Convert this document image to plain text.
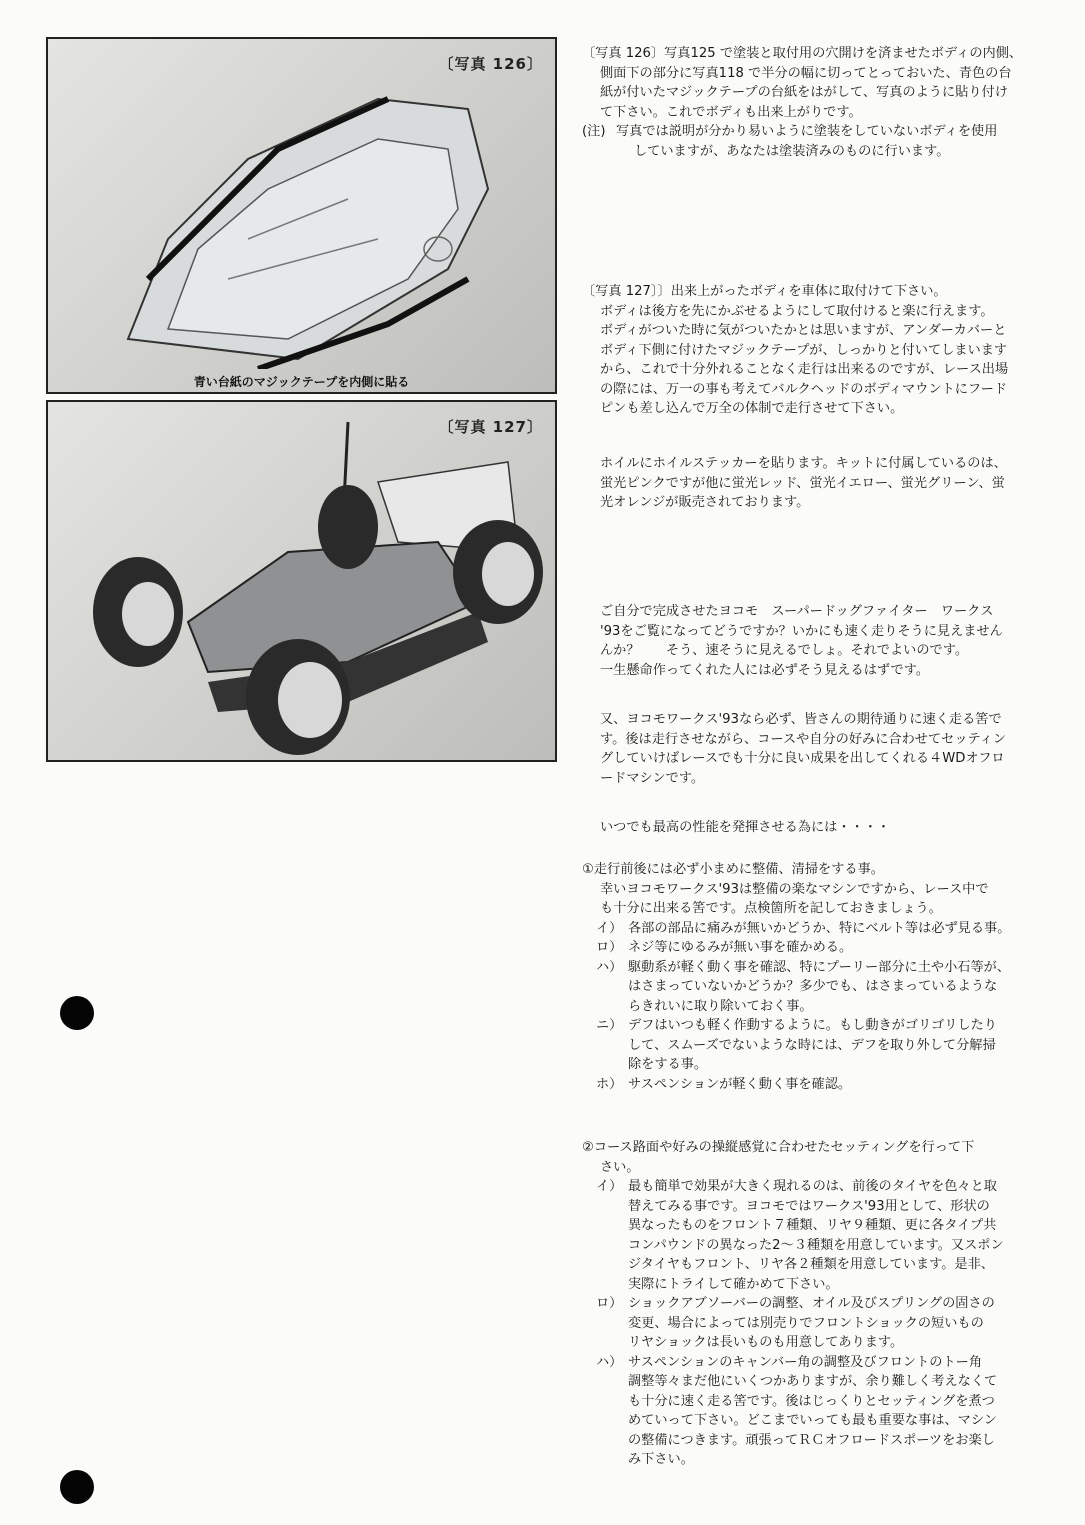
〔写真 126〕
青い台紙のマジックテープを内側に貼る
〔写真 127〕

〔写真 126〕写真125 で塗装と取付用の穴開けを済ませたボディの内側、

側面下の部分に写真118 で半分の幅に切ってとっておいた、青色の台

紙が付いたマジックテープの台紙をはがして、写真のように貼り付け

て下さい。これでボディも出来上がりです。

(注) 写真では説明が分かり易いように塗装をしていないボディを使用

していますが、あなたは塗装済みのものに行います。

〔写真 127〕〕出来上がったボディを車体に取付けて下さい。

ボディは後方を先にかぶせるようにして取付けると楽に行えます。

ボディがついた時に気がついたかとは思いますが、アンダーカバーと

ボディ下側に付けたマジックテープが、しっかりと付いてしまいます

から、これで十分外れることなく走行は出来るのですが、レース出場

の際には、万一の事も考えてバルクヘッドのボディマウントにフード

ピンも差し込んで万全の体制で走行させて下さい。

ホイルにホイルステッカーを貼ります。キットに付属しているのは、

蛍光ピンクですが他に蛍光レッド、蛍光イエロー、蛍光グリーン、蛍

光オレンジが販売されております。

ご自分で完成させたヨコモ　スーパードッグファイター　ワークス

'93をご覧になってどうですか？いかにも速く走りそうに見えません

んか？　　そう、速そうに見えるでしょ。それでよいのです。

一生懸命作ってくれた人には必ずそう見えるはずです。

又、ヨコモワークス'93なら必ず、皆さんの期待通りに速く走る筈で

す。後は走行させながら、コースや自分の好みに合わせてセッティン

グしていけばレースでも十分に良い成果を出してくれる４WDオフロ

ードマシンです。

いつでも最高の性能を発揮させる為には・・・・

①走行前後には必ず小まめに整備、清掃をする事。

幸いヨコモワークス'93は整備の楽なマシンですから、レース中で

も十分に出来る筈です。点検箇所を記しておきましょう。

イ） 各部の部品に痛みが無いかどうか、特にベルト等は必ず見る事。

ロ） ネジ等にゆるみが無い事を確かめる。

ハ） 駆動系が軽く動く事を確認、特にプーリー部分に土や小石等が、

はさまっていないかどうか？多少でも、はさまっているような

らきれいに取り除いておく事。

ニ） デフはいつも軽く作動するように。もし動きがゴリゴリしたり

して、スムーズでないような時には、デフを取り外して分解掃

除をする事。

ホ） サスペンションが軽く動く事を確認。

②コース路面や好みの操縦感覚に合わせたセッティングを行って下

さい。

イ） 最も簡単で効果が大きく現れるのは、前後のタイヤを色々と取

替えてみる事です。ヨコモではワークス'93用として、形状の

異なったものをフロント７種類、リヤ９種類、更に各タイプ共

コンパウンドの異なった2～３種類を用意しています。又スポン

ジタイヤもフロント、リヤ各２種類を用意しています。是非、

実際にトライして確かめて下さい。

ロ） ショックアブソーバーの調整、オイル及びスプリングの固さの

変更、場合によっては別売りでフロントショックの短いもの

リヤショックは長いものも用意してあります。

ハ） サスペンションのキャンバー角の調整及びフロントのトー角

調整等々まだ他にいくつかありますが、余り難しく考えなくて

も十分に速く走る筈です。後はじっくりとセッティングを煮つ

めていって下さい。どこまでいっても最も重要な事は、マシン

の整備につきます。頑張ってＲＣオフロードスポーツをお楽し

み下さい。
